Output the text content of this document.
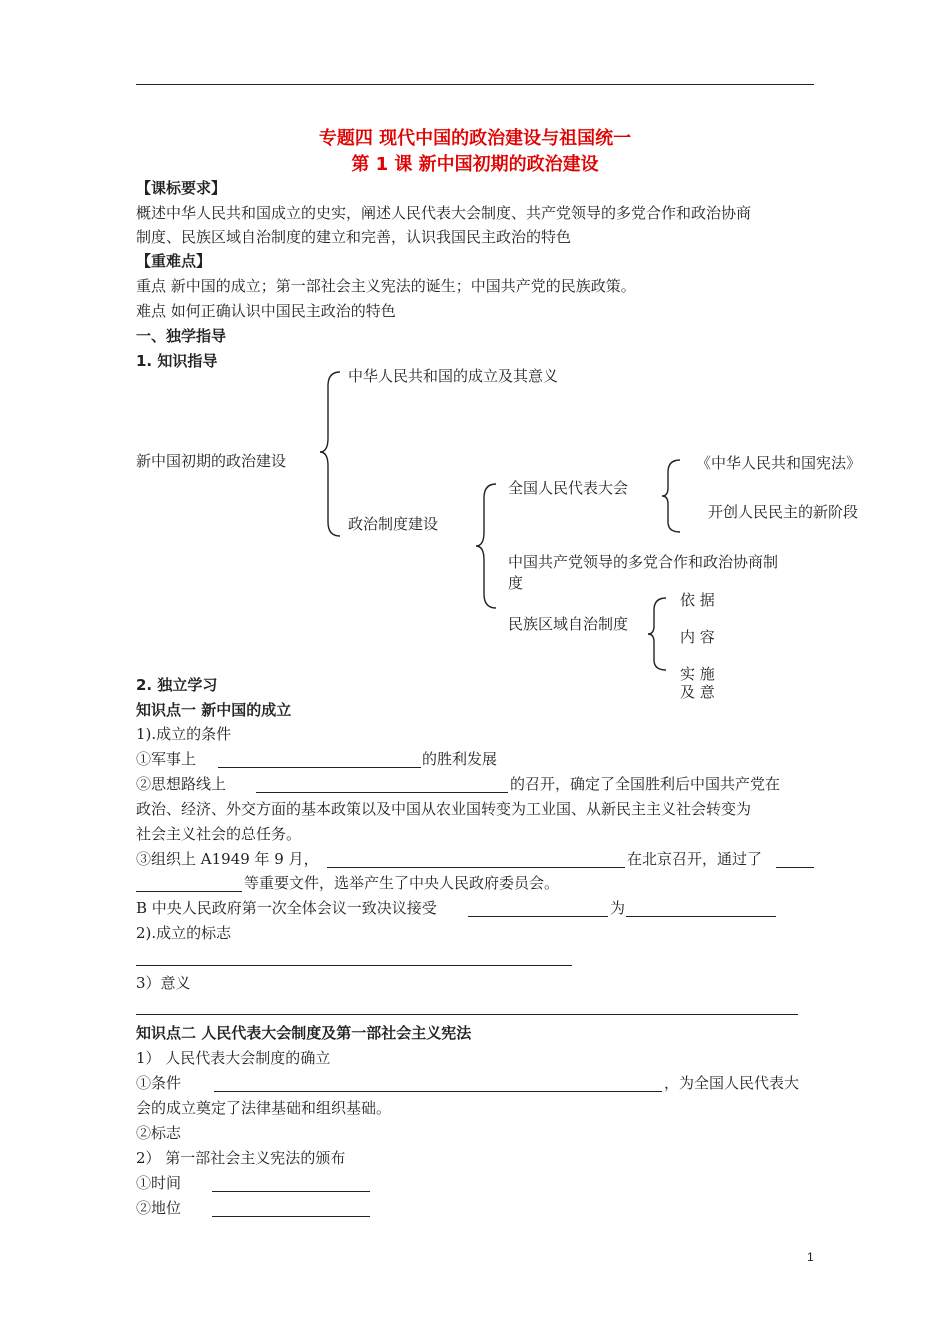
专题四 现代中国的政治建设与祖国统一
第 1 课 新中国初期的政治建设
【课标要求】
概述中华人民共和国成立的史实，阐述人民代表大会制度、共产党领导的多党合作和政治协商
制度、民族区域自治制度的建立和完善，认识我国民主政治的特色
【重难点】
重点 新中国的成立；第一部社会主义宪法的诞生；中国共产党的民族政策。
难点 如何正确认识中国民主政治的特色
一、独学指导
1. 知识指导
新中国初期的政治建设
中华人民共和国的成立及其意义
政治制度建设
全国人民代表大会
《中华人民共和国宪法》
开创人民民主的新阶段
中国共产党领导的多党合作和政治协商制
度
民族区域自治制度
依 据
内 容
实 施
及 意
2. 独立学习
知识点一 新中国的成立
1).成立的条件
①军事上	的胜利发展
②思想路线上	的召开，确定了全国胜利后中国共产党在
政治、经济、外交方面的基本政策以及中国从农业国转变为工业国、从新民主主义社会转变为
社会主义社会的总任务。
③组织上 A1949 年 9 月，	在北京召开，通过了
等重要文件，选举产生了中央人民政府委员会。
B 中央人民政府第一次全体会议一致决议接受	为
2).成立的标志
3）意义
知识点二 人民代表大会制度及第一部社会主义宪法
1） 人民代表大会制度的确立
①条件	，为全国人民代表大
会的成立奠定了法律基础和组织基础。
②标志
2） 第一部社会主义宪法的颁布
①时间
②地位
1
